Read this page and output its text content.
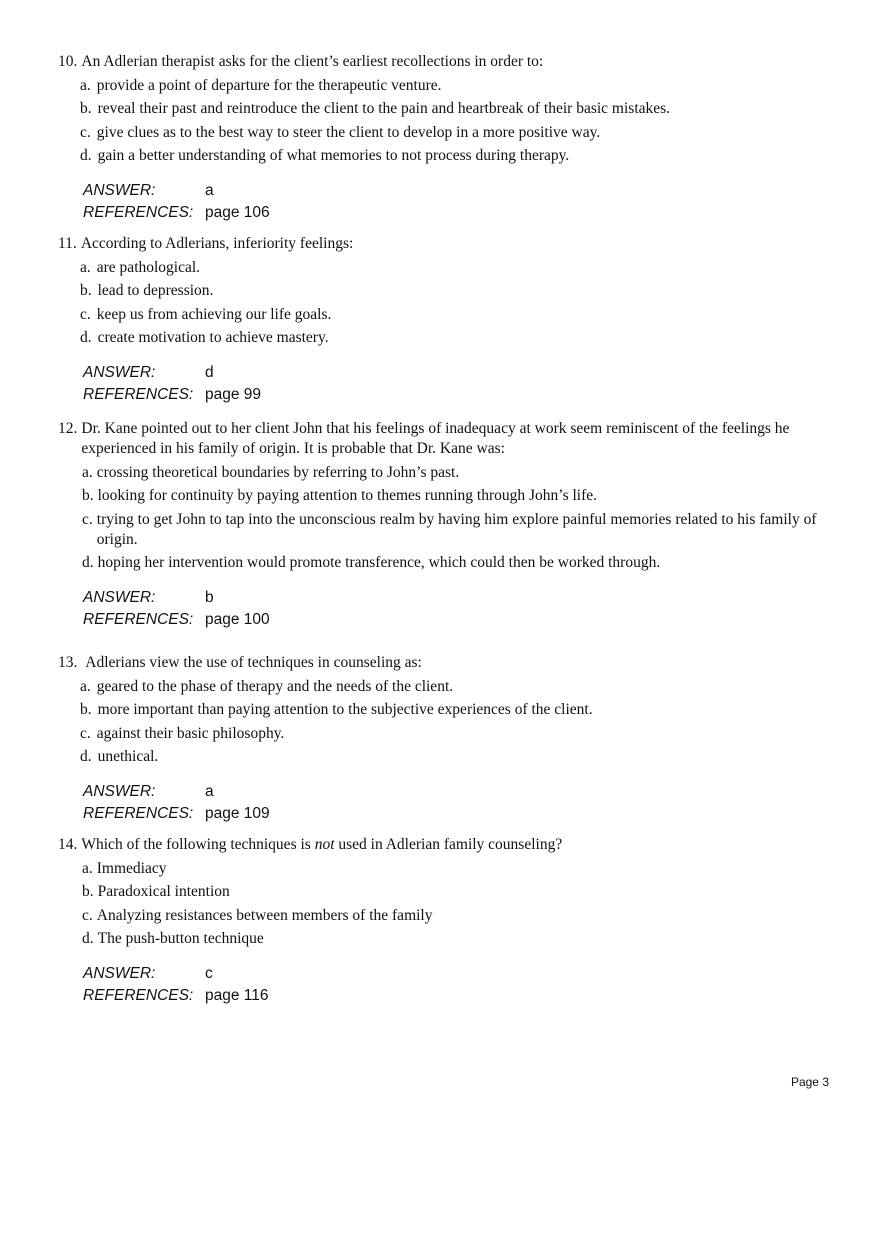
10. An Adlerian therapist asks for the client’s earliest recollections in order to:
a. provide a point of departure for the therapeutic venture.
b. reveal their past and reintroduce the client to the pain and heartbreak of their basic mistakes.
c. give clues as to the best way to steer the client to develop in a more positive way.
d. gain a better understanding of what memories to not process during therapy.
ANSWER:	a
REFERENCES: page 106
11. According to Adlerians, inferiority feelings:
a. are pathological.
b. lead to depression.
c. keep us from achieving our life goals.
d. create motivation to achieve mastery.
ANSWER:	d
REFERENCES: page 99
12. Dr. Kane pointed out to her client John that his feelings of inadequacy at work seem reminiscent of the feelings he experienced in his family of origin. It is probable that Dr. Kane was:
a. crossing theoretical boundaries by referring to John’s past.
b. looking for continuity by paying attention to themes running through John’s life.
c. trying to get John to tap into the unconscious realm by having him explore painful memories related to his family of origin.
d. hoping her intervention would promote transference, which could then be worked through.
ANSWER:	b
REFERENCES: page 100
13. Adlerians view the use of techniques in counseling as:
a. geared to the phase of therapy and the needs of the client.
b. more important than paying attention to the subjective experiences of the client.
c. against their basic philosophy.
d. unethical.
ANSWER:	a
REFERENCES: page 109
14. Which of the following techniques is not used in Adlerian family counseling?
a. Immediacy
b. Paradoxical intention
c. Analyzing resistances between members of the family
d. The push-button technique
ANSWER:	c
REFERENCES: page 116
Page 3
